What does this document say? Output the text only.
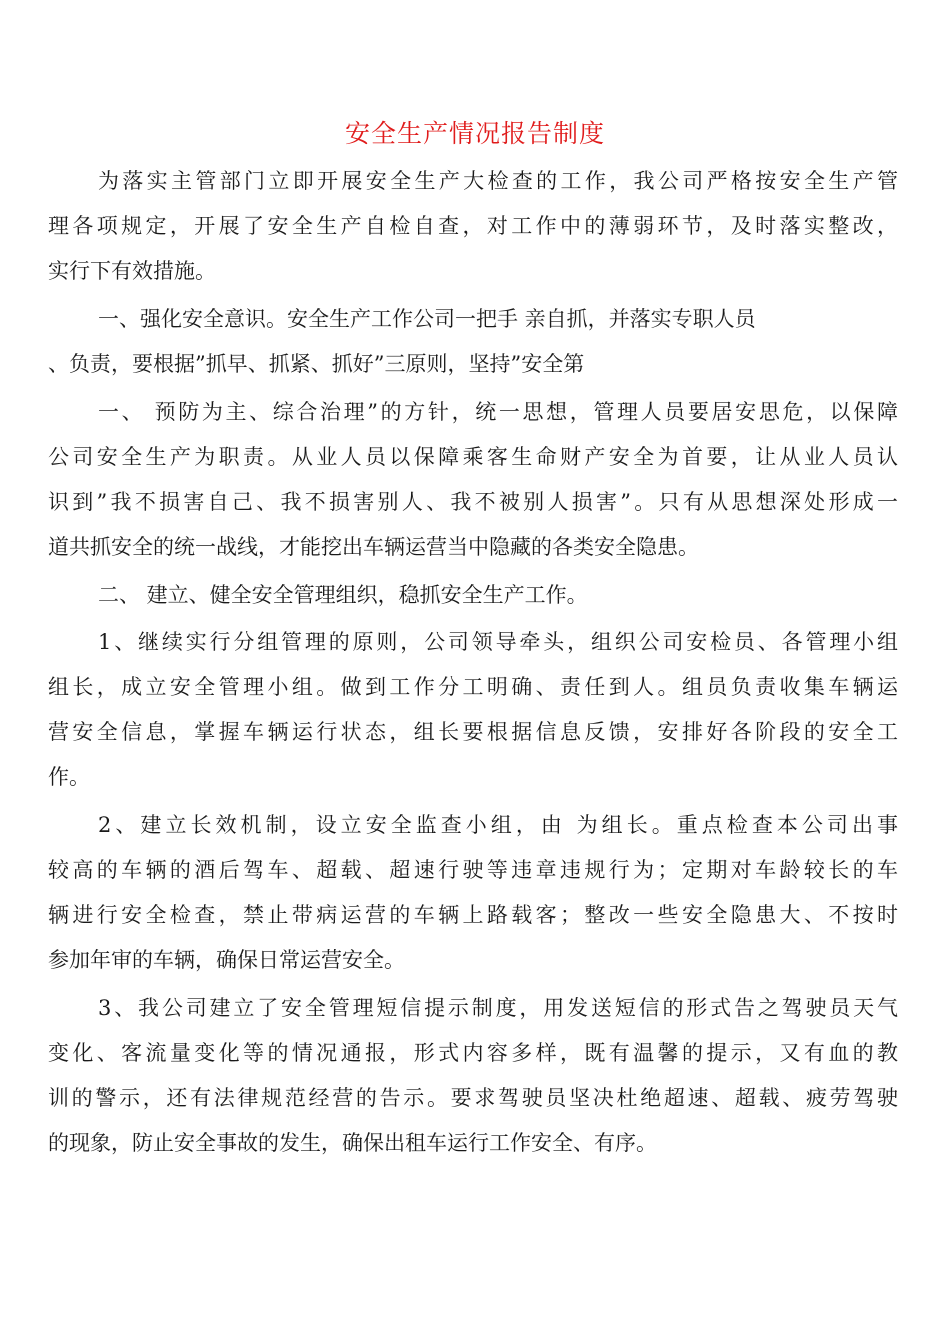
安全生产情况报告制度
为落实主管部门立即开展安全生产大检查的工作，我公司严格按安全生产管
理各项规定，开展了安全生产自检自查，对工作中的薄弱环节，及时落实整改，
实行下有效措施。
一、强化安全意识。安全生产工作公司一把手 亲自抓，并落实专职人员
、负责，要根据”抓早、抓紧、抓好”三原则，坚持”安全第
一、 预防为主、综合治理”的方针，统一思想，管理人员要居安思危，以保障
公司安全生产为职责。从业人员以保障乘客生命财产安全为首要，让从业人员认
识到”我不损害自己、我不损害别人、我不被别人损害”。只有从思想深处形成一
道共抓安全的统一战线，才能挖出车辆运营当中隐藏的各类安全隐患。
二、 建立、健全安全管理组织，稳抓安全生产工作。
1、继续实行分组管理的原则，公司领导牵头，组织公司安检员、各管理小组
组长，成立安全管理小组。做到工作分工明确、责任到人。组员负责收集车辆运
营安全信息，掌握车辆运行状态，组长要根据信息反馈，安排好各阶段的安全工
作。
2、建立长效机制，设立安全监查小组，由 为组长。重点检查本公司出事
较高的车辆的酒后驾车、超载、超速行驶等违章违规行为；定期对车龄较长的车
辆进行安全检查，禁止带病运营的车辆上路载客；整改一些安全隐患大、不按时
参加年审的车辆，确保日常运营安全。
3、我公司建立了安全管理短信提示制度，用发送短信的形式告之驾驶员天气
变化、客流量变化等的情况通报，形式内容多样，既有温馨的提示，又有血的教
训的警示，还有法律规范经营的告示。要求驾驶员坚决杜绝超速、超载、疲劳驾驶
的现象，防止安全事故的发生，确保出租车运行工作安全、有序。
